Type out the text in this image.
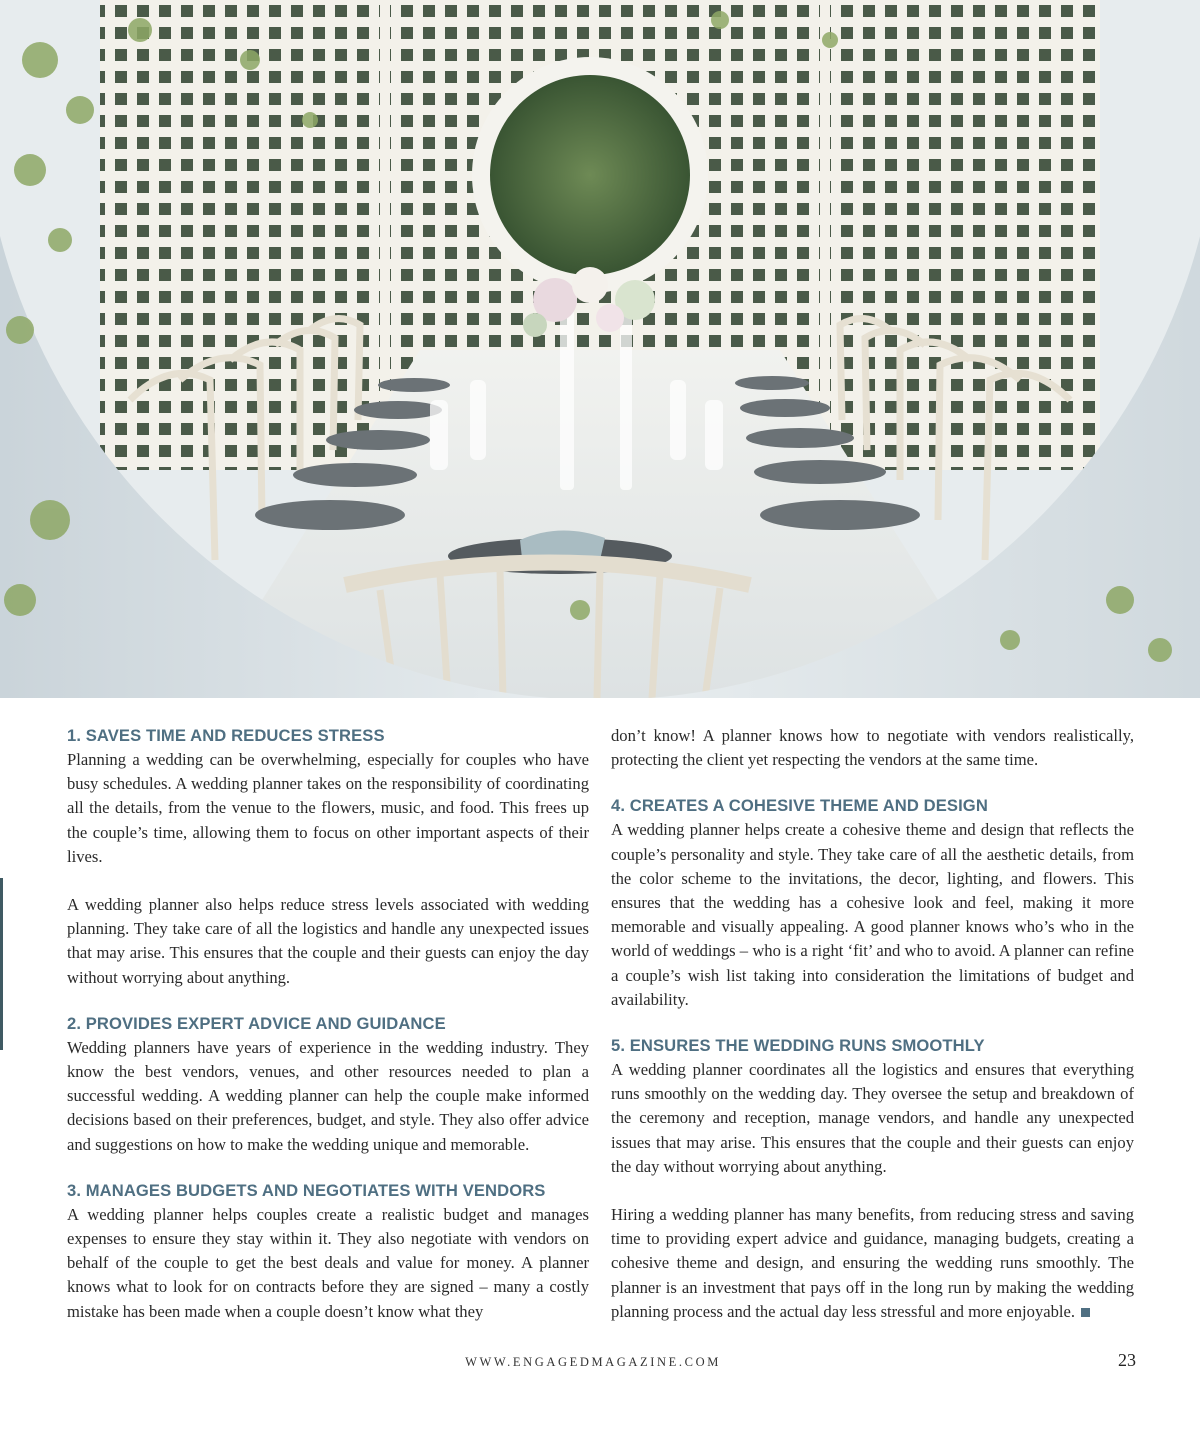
1. SAVES TIME AND REDUCES STRESS

Planning a wedding can be overwhelming, especially for couples who have busy schedules. A wedding planner takes on the responsibility of coordinating all the details, from the venue to the flowers, music, and food. This frees up the couple’s time, allowing them to focus on other important aspects of their lives.

A wedding planner also helps reduce stress levels associated with wedding planning. They take care of all the logistics and handle any unexpected issues that may arise. This ensures that the couple and their guests can enjoy the day without worrying about anything.

2. PROVIDES EXPERT ADVICE AND GUIDANCE

Wedding planners have years of experience in the wedding industry. They know the best vendors, venues, and other resources needed to plan a successful wedding. A wedding planner can help the couple make informed decisions based on their preferences, budget, and style. They also offer advice and suggestions on how to make the wedding unique and memorable.

3. MANAGES BUDGETS AND NEGOTIATES WITH VENDORS

A wedding planner helps couples create a realistic budget and manages expenses to ensure they stay within it. They also negotiate with vendors on behalf of the couple to get the best deals and value for money. A planner knows what to look for on contracts before they are signed – many a costly mistake has been made when a couple doesn’t know what they

don’t know! A planner knows how to negotiate with vendors realistically, protecting the client yet respecting the vendors at the same time.

4. CREATES A COHESIVE THEME AND DESIGN

A wedding planner helps create a cohesive theme and design that reflects the couple’s personality and style. They take care of all the aesthetic details, from the color scheme to the invitations, the decor, lighting, and flowers. This ensures that the wedding has a cohesive look and feel, making it more memorable and visually appealing. A good planner knows who’s who in the world of weddings – who is a right ‘fit’ and who to avoid. A planner can refine a couple’s wish list taking into consideration the limitations of budget and availability.

5. ENSURES THE WEDDING RUNS SMOOTHLY

A wedding planner coordinates all the logistics and ensures that everything runs smoothly on the wedding day. They oversee the setup and breakdown of the ceremony and reception, manage vendors, and handle any unexpected issues that may arise. This ensures that the couple and their guests can enjoy the day without worrying about anything.

Hiring a wedding planner has many benefits, from reducing stress and saving time to providing expert advice and guidance, managing budgets, creating a cohesive theme and design, and ensuring the wedding runs smoothly. The planner is an investment that pays off in the long run by making the wedding planning process and the actual day less stressful and more enjoyable.

WWW.ENGAGEDMAGAZINE.COM	23
